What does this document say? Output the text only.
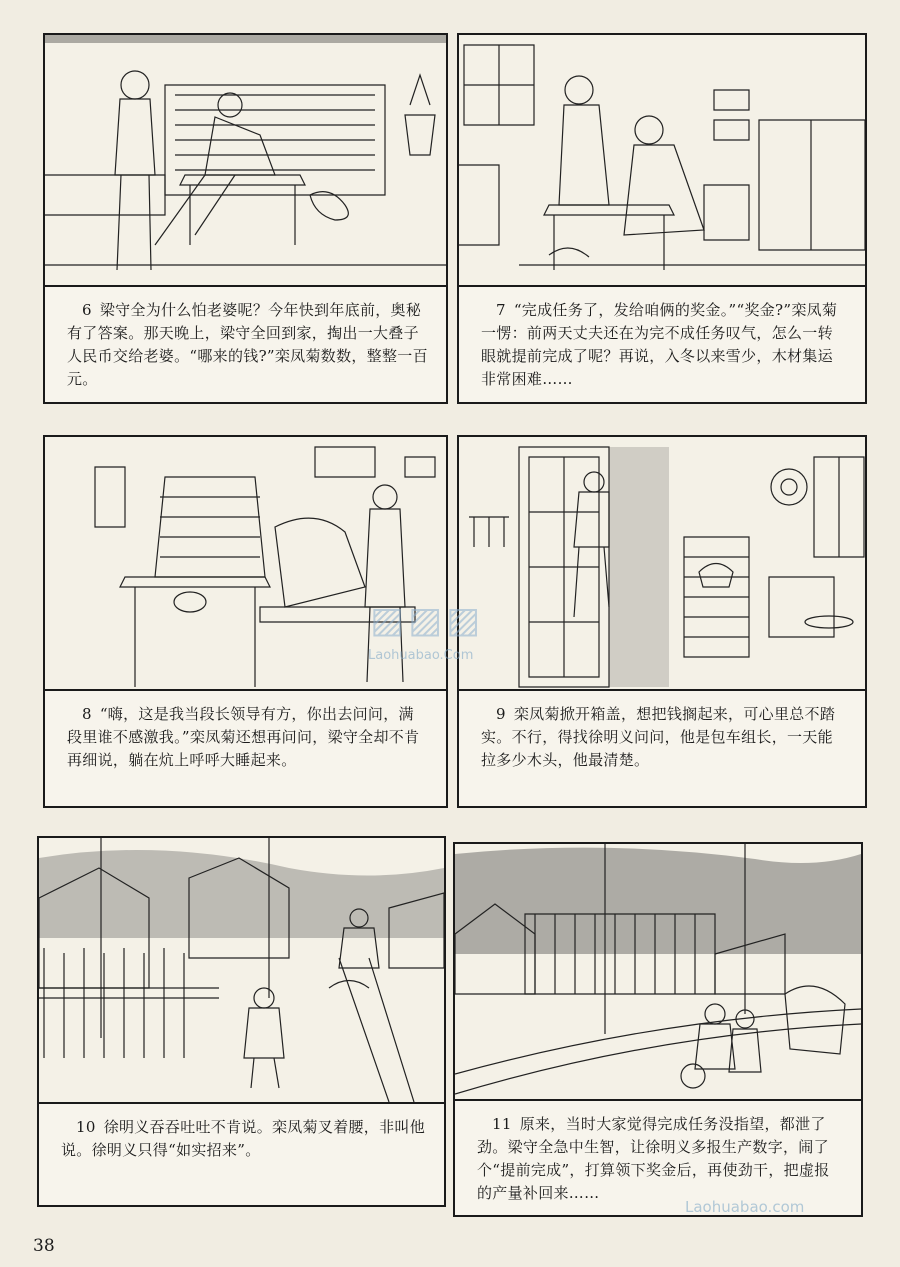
6 梁守全为什么怕老婆呢？今年快到年底前，奥秘有了答案。那天晚上，梁守全回到家，掏出一大叠子人民币交给老婆。“哪来的钱?”栾凤菊数数，整整一百元。
7 “完成任务了，发给咱俩的奖金。”“奖金?”栾凤菊一愣：前两天丈夫还在为完不成任务叹气，怎么一转眼就提前完成了呢？再说，入冬以来雪少，木材集运非常困难……
8 “嗨，这是我当段长领导有方，你出去问问，满段里谁不感激我。”栾凤菊还想再问问，梁守全却不肯再细说，躺在炕上呼呼大睡起来。
9 栾凤菊掀开箱盖，想把钱搁起来，可心里总不踏实。不行，得找徐明义问问，他是包车组长，一天能拉多少木头，他最清楚。
10 徐明义吞吞吐吐不肯说。栾凤菊叉着腰，非叫他说。徐明义只得“如实招来”。
11 原来，当时大家觉得完成任务没指望，都泄了劲。梁守全急中生智，让徐明义多报生产数字，闹了个“提前完成”，打算领下奖金后，再使劲干，把虚报的产量补回来……
▨▨▨
Laohuabao.Com
Laohuabao.com
38
